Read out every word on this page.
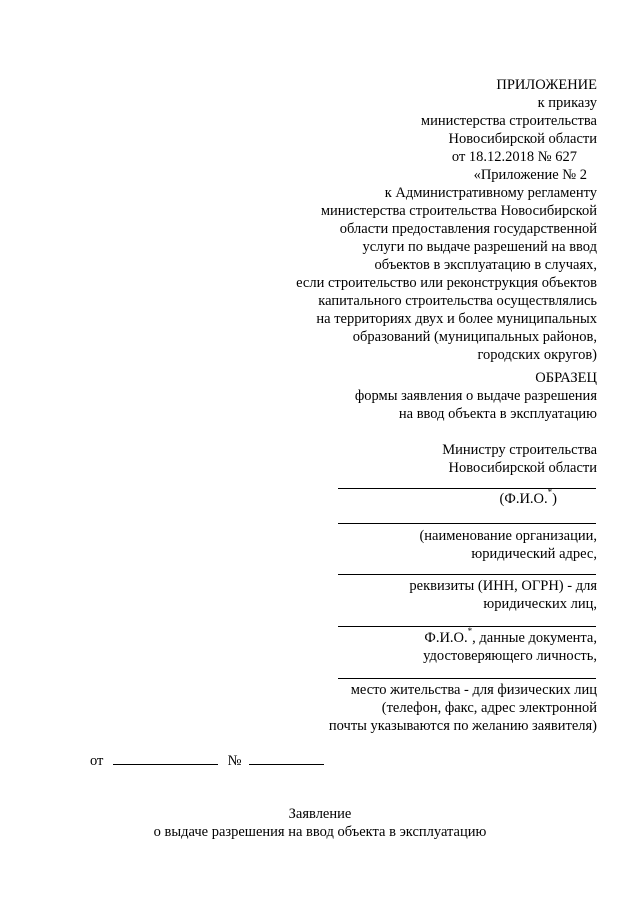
ПРИЛОЖЕНИЕ
к приказу
министерства строительства
Новосибирской области
от 18.12.2018 № 627
«Приложение № 2
к Административному регламенту
министерства строительства Новосибирской
области предоставления государственной
услуги по выдаче разрешений на ввод
объектов в эксплуатацию в случаях,
если строительство или реконструкция объектов
капитального строительства осуществлялись
на территориях двух и более муниципальных
образований (муниципальных районов,
городских округов)
ОБРАЗЕЦ
формы заявления о выдаче разрешения
на ввод объекта в эксплуатацию
Министру строительства
Новосибирской области
(Ф.И.О.*)
(наименование организации,
юридический адрес,
реквизиты (ИНН, ОГРН) - для
юридических лиц,
Ф.И.О.*, данные документа,
удостоверяющего личность,
место жительства - для физических лиц
(телефон, факс, адрес электронной
почты указываются по желанию заявителя)
от	№
Заявление
о выдаче разрешения на ввод объекта в эксплуатацию
